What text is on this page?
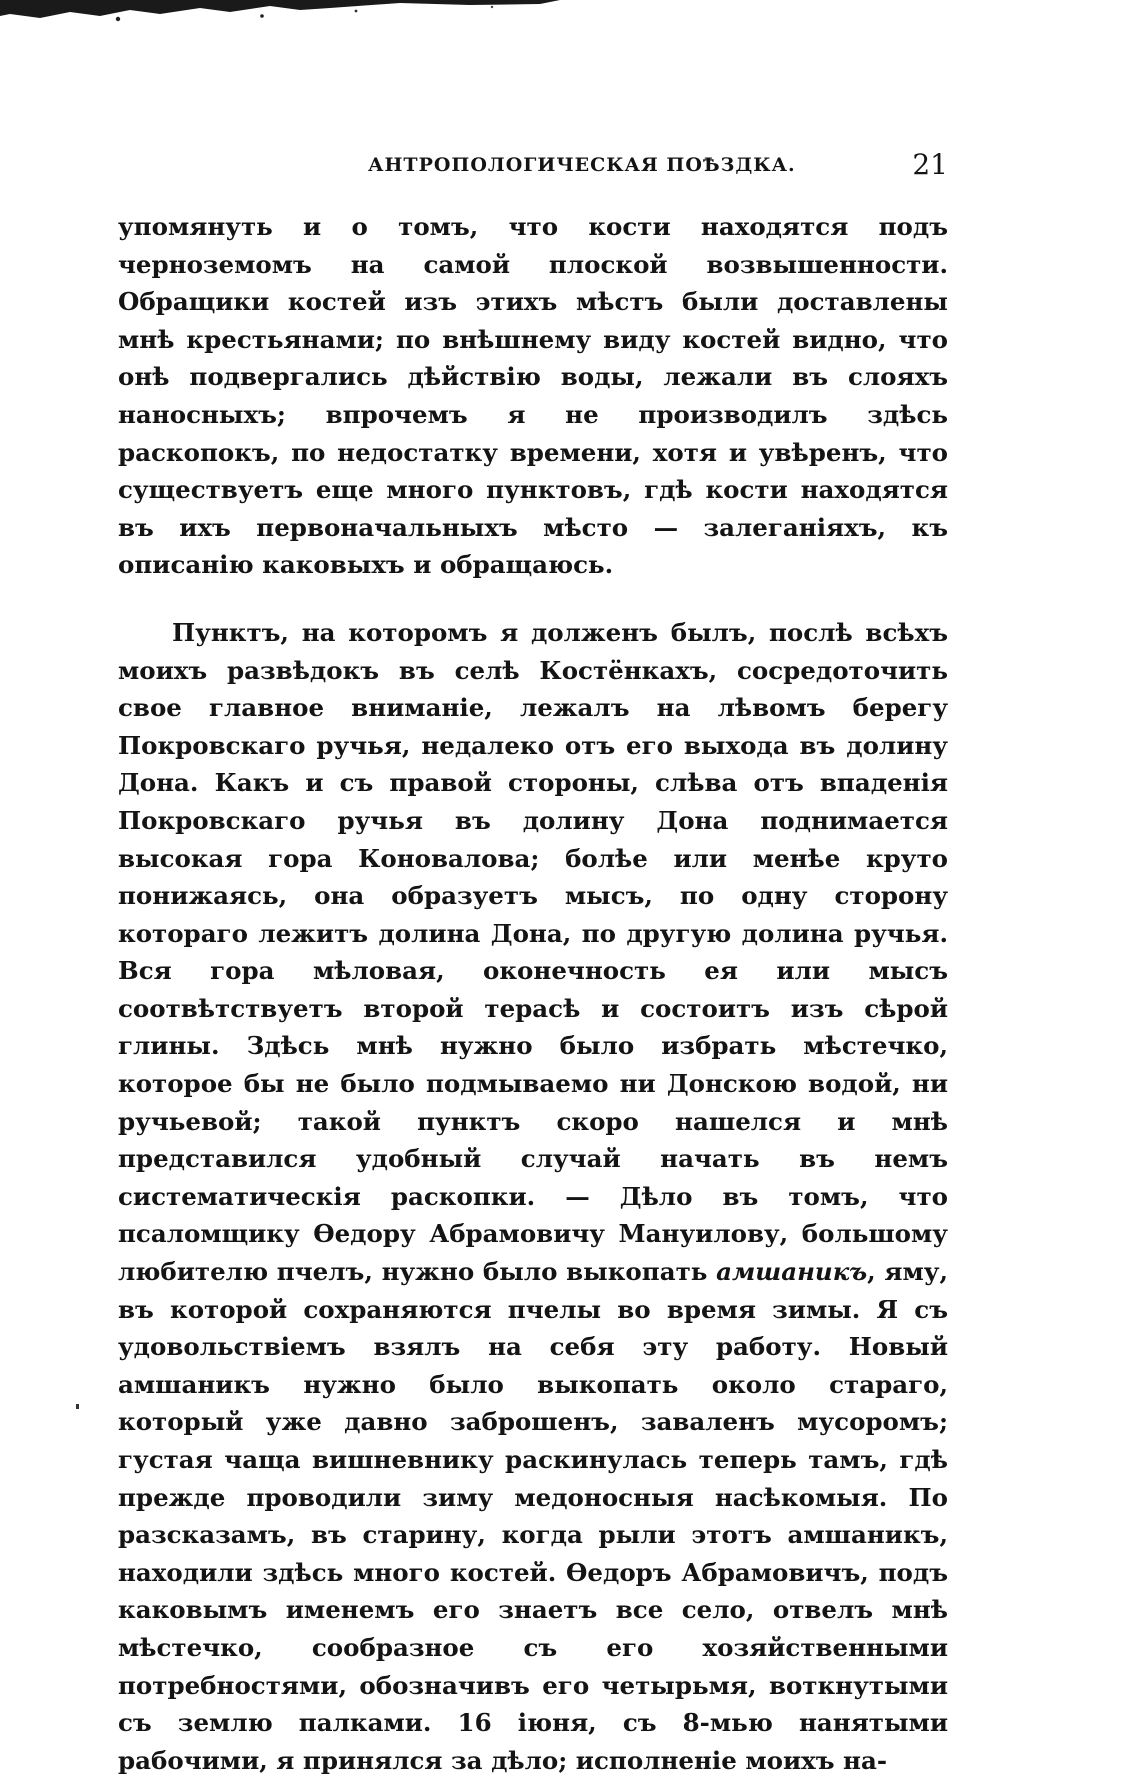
АНТРОПОЛОГИЧЕСКАЯ ПОѢЗДКА.	21

упомянуть и о томъ, что кости находятся подъ черноземомъ на самой плоской возвышенности. Обращики костей изъ этихъ мѣстъ были доставлены мнѣ крестьянами; по внѣшнему виду костей видно, что онѣ подвергались дѣйствію воды, лежали въ слояхъ наносныхъ; впрочемъ я не производилъ здѣсь раскопокъ, по недостатку времени, хотя и увѣренъ, что существуетъ еще много пунктовъ, гдѣ кости находятся въ ихъ первоначальныхъ мѣсто — залеганіяхъ, къ описанію каковыхъ и обращаюсь.

Пунктъ, на которомъ я долженъ былъ, послѣ всѣхъ моихъ развѣдокъ въ селѣ Костёнкахъ, сосредоточить свое главное вниманіе, лежалъ на лѣвомъ берегу Покровскаго ручья, недалеко отъ его выхода въ долину Дона. Какъ и съ правой стороны, слѣва отъ впаденія Покровскаго ручья въ долину Дона поднимается высокая гора Коновалова; болѣе или менѣе круто понижаясь, она образуетъ мысъ, по одну сторону котораго лежитъ долина Дона, по другую долина ручья. Вся гора мѣловая, оконечность ея или мысъ соотвѣтствуетъ второй терасѣ и состоитъ изъ сѣрой глины. Здѣсь мнѣ нужно было избрать мѣстечко, которое бы не было подмываемо ни Донскою водой, ни ручьевой; такой пунктъ скоро нашелся и мнѣ представился удобный случай начать въ немъ систематическія раскопки. — Дѣло въ томъ, что псаломщику Ѳедору Абрамовичу Мануилову, большому любителю пчелъ, нужно было выкопать амшаникъ, яму, въ которой сохраняются пчелы во время зимы. Я съ удовольствіемъ взялъ на себя эту работу. Новый амшаникъ нужно было выкопать около стараго, который уже давно заброшенъ, заваленъ мусоромъ; густая чаща вишневнику раскинулась теперь тамъ, гдѣ прежде проводили зиму медоносныя насѣкомыя. По разсказамъ, въ старину, когда рыли этотъ амшаникъ, находили здѣсь много костей. Ѳедоръ Абрамовичъ, подъ каковымъ именемъ его знаетъ все село, отвелъ мнѣ мѣстечко, сообразное съ его хозяйственными потребностями, обозначивъ его четырьмя, воткнутыми съ землю палками. 16 іюня, съ 8-мью нанятыми рабочими, я принялся за дѣло; исполненіе моихъ на-
